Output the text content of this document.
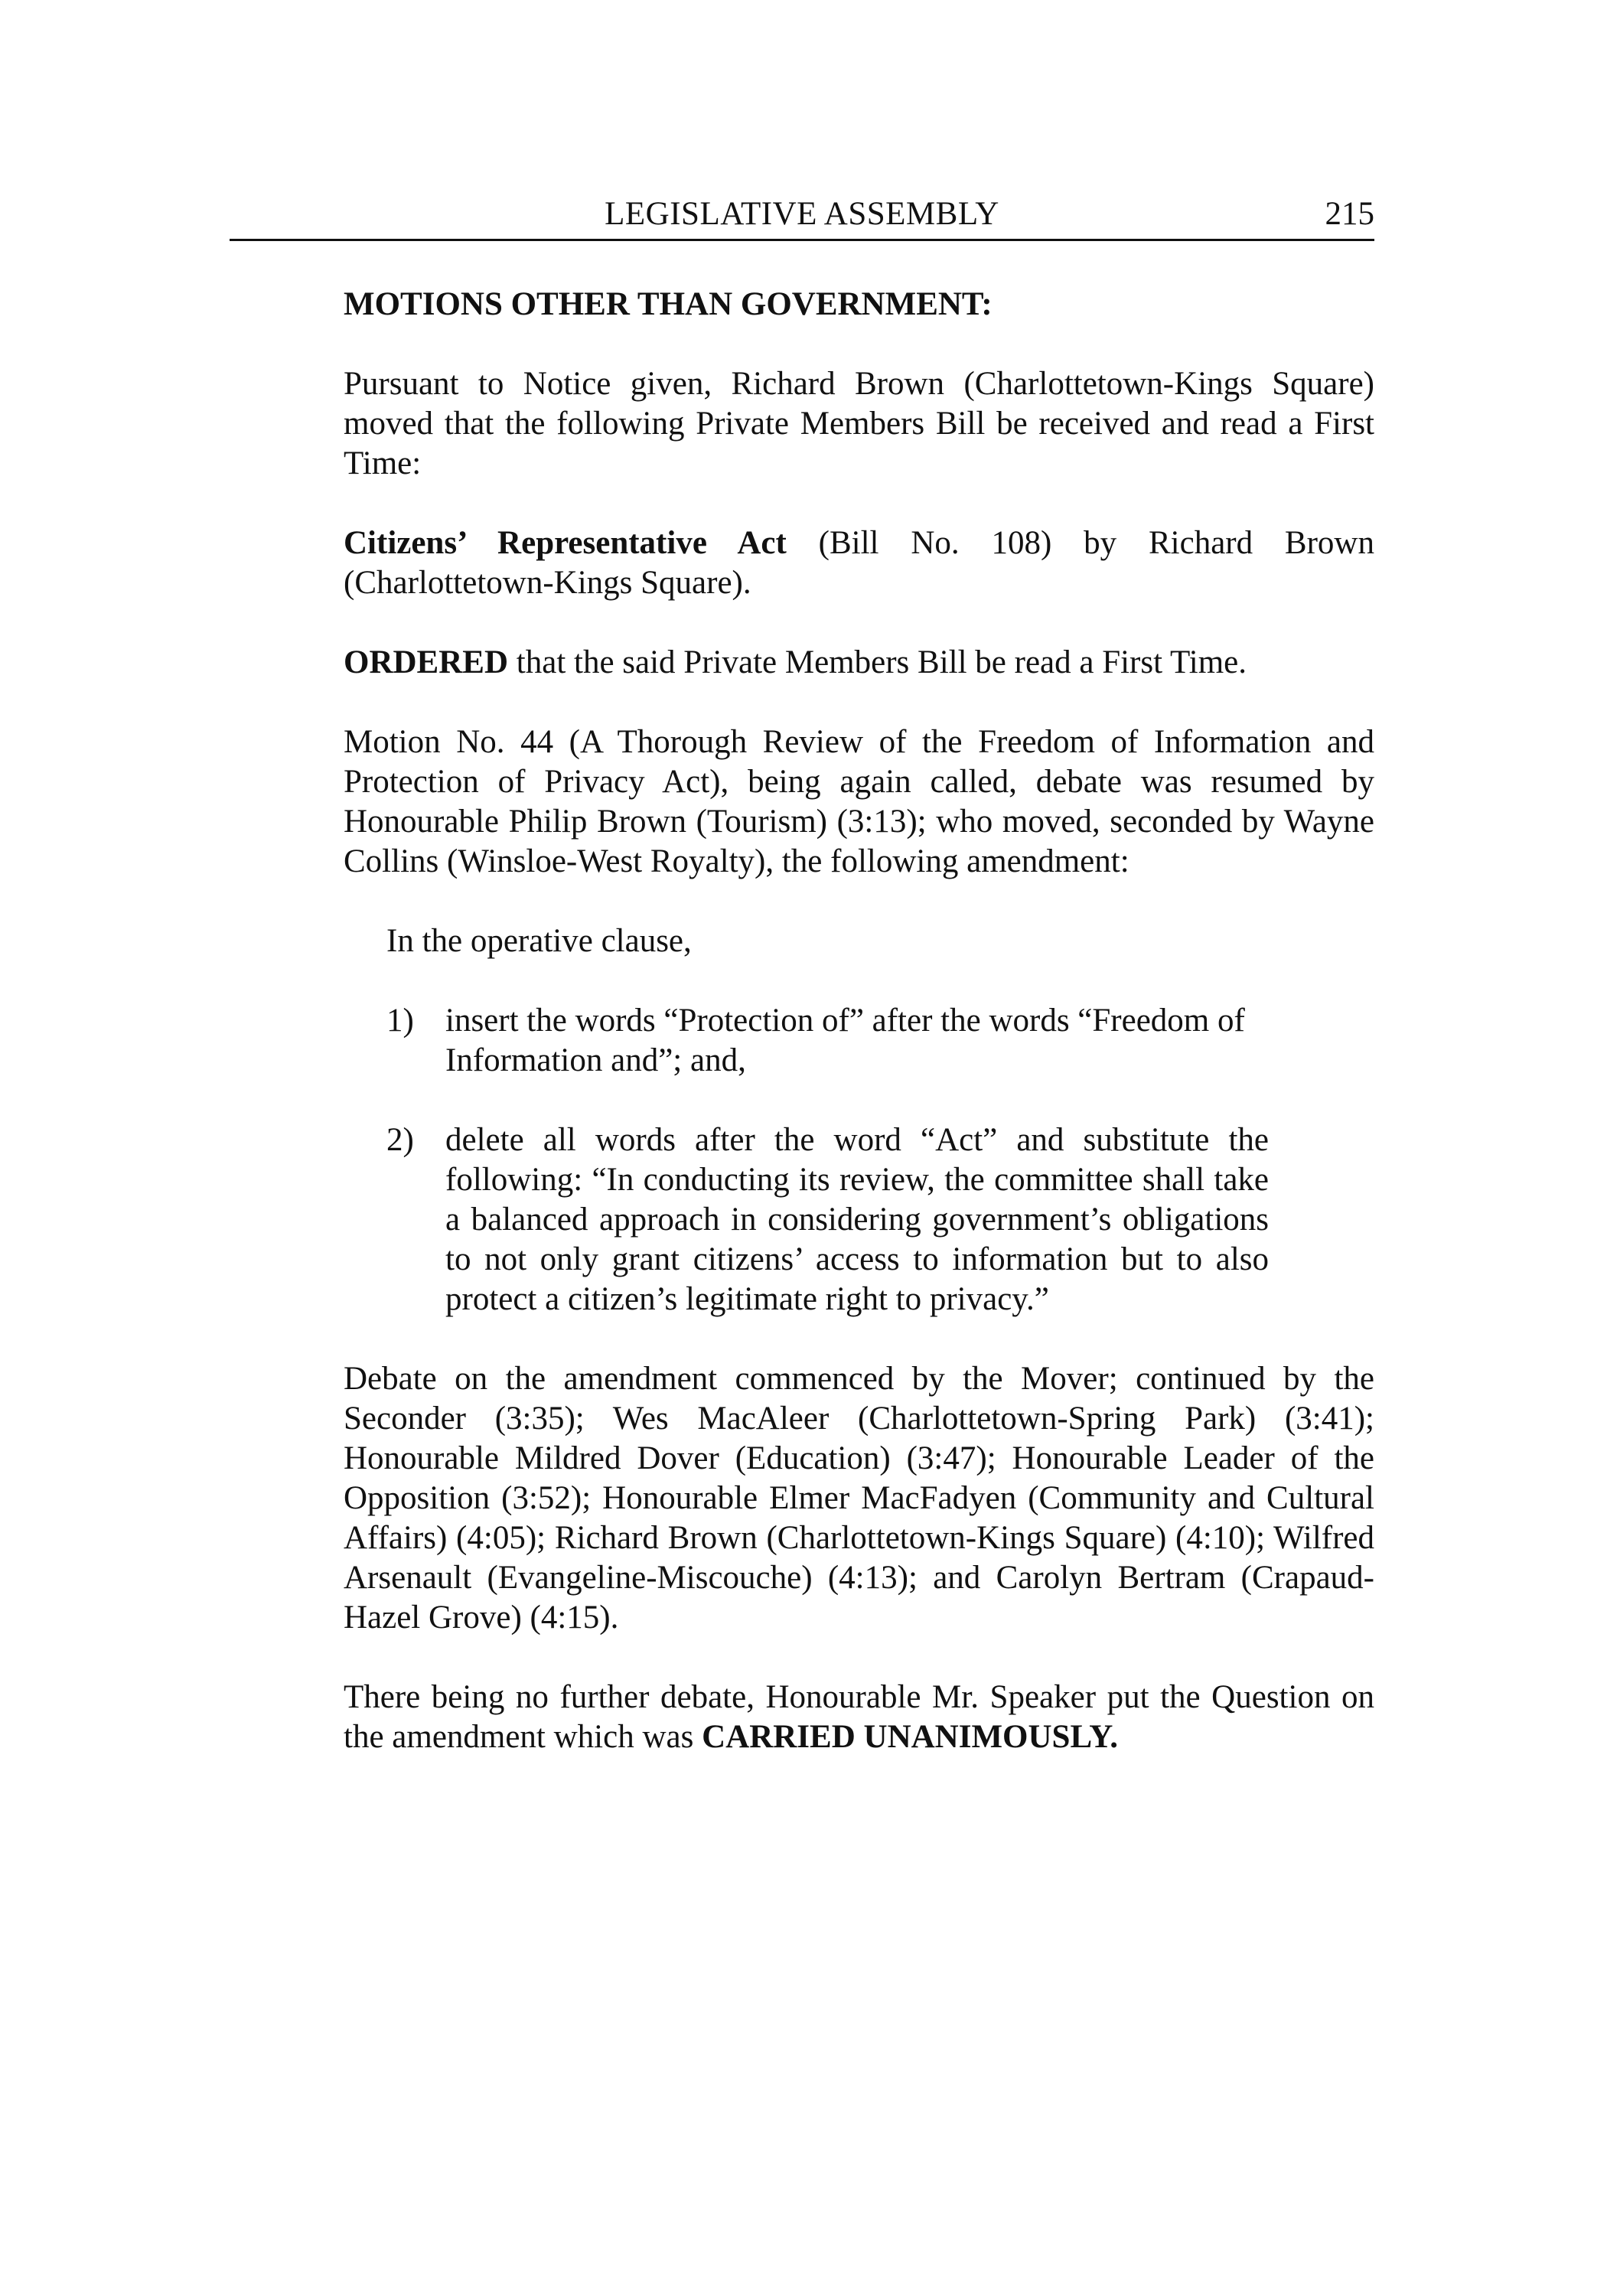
LEGISLATIVE ASSEMBLY	215

MOTIONS OTHER THAN GOVERNMENT:

Pursuant to Notice given, Richard Brown (Charlottetown-Kings Square) moved that the following Private Members Bill be received and read a First Time:

Citizens’ Representative Act (Bill No. 108) by Richard Brown (Charlottetown-Kings Square).

ORDERED that the said Private Members Bill be read a First Time.

Motion No. 44 (A Thorough Review of the Freedom of Information and Protection of Privacy Act), being again called, debate was resumed by Honourable Philip Brown (Tourism) (3:13); who moved, seconded by Wayne Collins (Winsloe-West Royalty), the following amendment:

In the operative clause,

1) insert the words “Protection of” after the words “Freedom of Information and”; and,
2) delete all words after the word “Act” and substitute the following: “In conducting its review, the committee shall take a balanced approach in considering government’s obligations to not only grant citizens’ access to information but to also protect a citizen’s legitimate right to privacy.”

Debate on the amendment commenced by the Mover; continued by the Seconder (3:35); Wes MacAleer (Charlottetown-Spring Park) (3:41); Honourable Mildred Dover (Education) (3:47); Honourable Leader of the Opposition (3:52); Honourable Elmer MacFadyen (Community and Cultural Affairs) (4:05); Richard Brown (Charlottetown-Kings Square) (4:10); Wilfred Arsenault (Evangeline-Miscouche) (4:13); and Carolyn Bertram (Crapaud-Hazel Grove) (4:15).

There being no further debate, Honourable Mr. Speaker put the Question on the amendment which was CARRIED UNANIMOUSLY.
